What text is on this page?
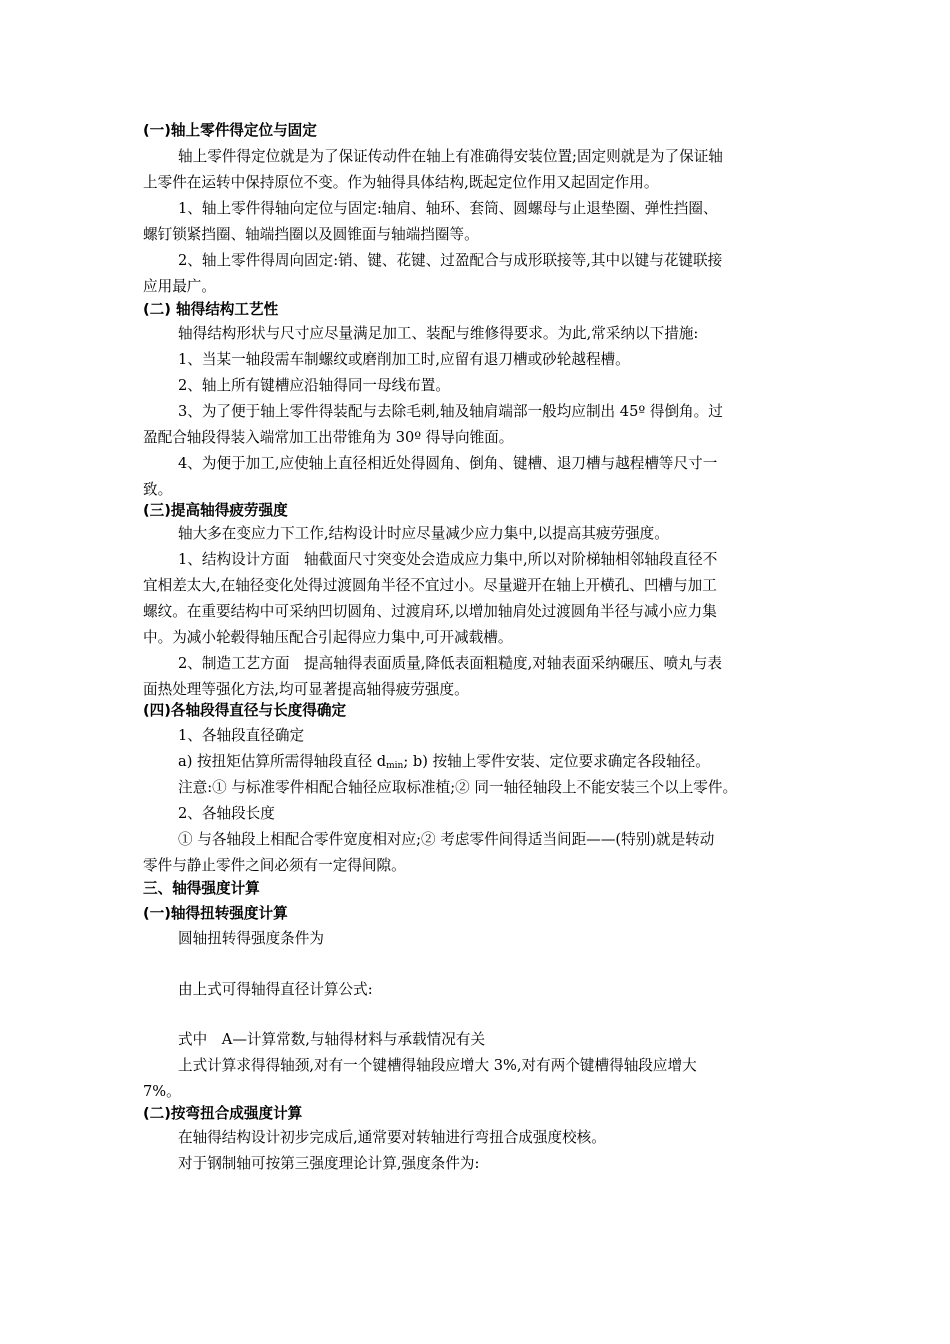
(一)轴上零件得定位与固定
轴上零件得定位就是为了保证传动件在轴上有准确得安装位置;固定则就是为了保证轴
上零件在运转中保持原位不变。作为轴得具体结构,既起定位作用又起固定作用。
1、轴上零件得轴向定位与固定:轴肩、轴环、套筒、圆螺母与止退垫圈、弹性挡圈、
螺钉锁紧挡圈、轴端挡圈以及圆锥面与轴端挡圈等。
2、轴上零件得周向固定:销、键、花键、过盈配合与成形联接等,其中以键与花键联接
应用最广。
(二) 轴得结构工艺性
轴得结构形状与尺寸应尽量满足加工、装配与维修得要求。为此,常采纳以下措施:
1、当某一轴段需车制螺纹或磨削加工时,应留有退刀槽或砂轮越程槽。
2、轴上所有键槽应沿轴得同一母线布置。
3、为了便于轴上零件得装配与去除毛刺,轴及轴肩端部一般均应制出 45º 得倒角。过
盈配合轴段得装入端常加工出带锥角为 30º 得导向锥面。
4、为便于加工,应使轴上直径相近处得圆角、倒角、键槽、退刀槽与越程槽等尺寸一
致。
(三)提高轴得疲劳强度
轴大多在变应力下工作,结构设计时应尽量减少应力集中,以提高其疲劳强度。
1、结构设计方面　轴截面尺寸突变处会造成应力集中,所以对阶梯轴相邻轴段直径不
宜相差太大,在轴径变化处得过渡圆角半径不宜过小。尽量避开在轴上开横孔、凹槽与加工
螺纹。在重要结构中可采纳凹切圆角、过渡肩环,以增加轴肩处过渡圆角半径与减小应力集
中。为减小轮毂得轴压配合引起得应力集中,可开减载槽。
2、制造工艺方面　提高轴得表面质量,降低表面粗糙度,对轴表面采纳碾压、喷丸与表
面热处理等强化方法,均可显著提高轴得疲劳强度。
(四)各轴段得直径与长度得确定
1、各轴段直径确定
a) 按扭矩估算所需得轴段直径 $d_{min}$; b) 按轴上零件安装、定位要求确定各段轴径。
注意:① 与标准零件相配合轴径应取标准植;② 同一轴径轴段上不能安装三个以上零件。
2、各轴段长度
① 与各轴段上相配合零件宽度相对应;② 考虑零件间得适当间距——(特别)就是转动
零件与静止零件之间必须有一定得间隙。
三、轴得强度计算
(一)轴得扭转强度计算
圆轴扭转得强度条件为
由上式可得轴得直径计算公式:
式中　A—计算常数,与轴得材料与承载情况有关
上式计算求得得轴颈,对有一个键槽得轴段应增大 3%,对有两个键槽得轴段应增大
7%。
(二)按弯扭合成强度计算
在轴得结构设计初步完成后,通常要对转轴进行弯扭合成强度校核。
对于钢制轴可按第三强度理论计算,强度条件为:
